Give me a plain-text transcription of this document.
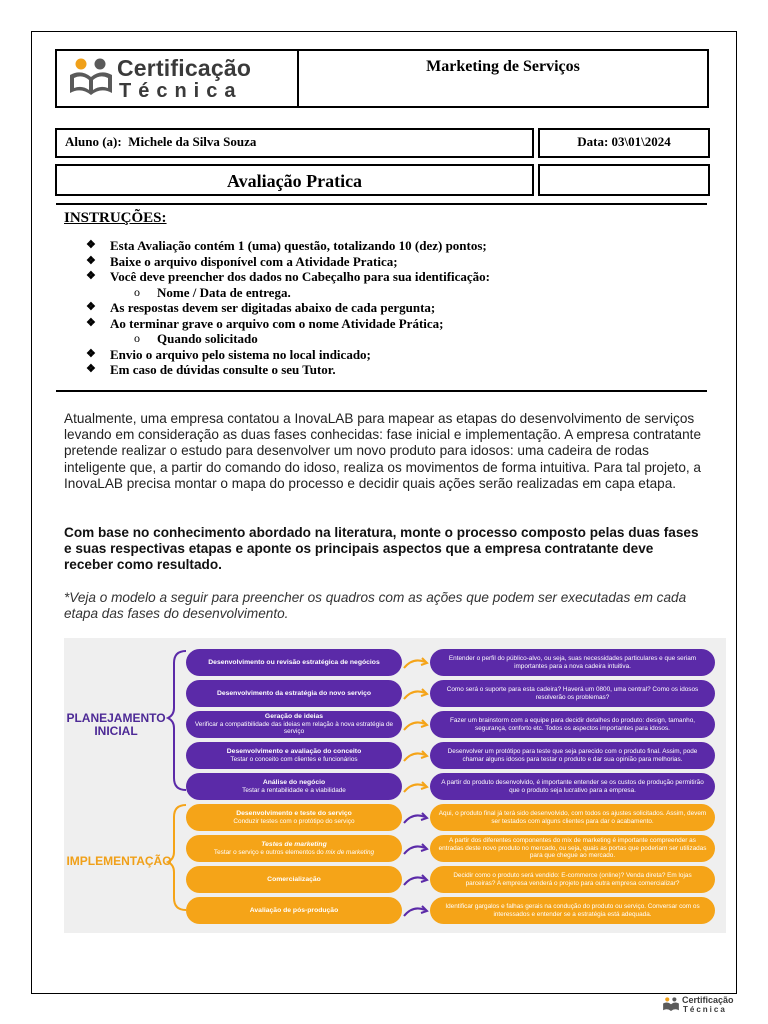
Certificação
Técnica
Marketing de Serviços
Aluno (a): Michele da Silva Souza	Data: 03\01\2024
Avaliação Pratica
INSTRUÇÕES:
❖ Esta Avaliação contém 1 (uma) questão, totalizando 10 (dez) pontos;
❖ Baixe o arquivo disponível com a Atividade Pratica;
❖ Você deve preencher dos dados no Cabeçalho para sua identificação:
o Nome / Data de entrega.
❖ As respostas devem ser digitadas abaixo de cada pergunta;
❖ Ao terminar grave o arquivo com o nome Atividade Prática;
o Quando solicitado
❖ Envio o arquivo pelo sistema no local indicado;
❖ Em caso de dúvidas consulte o seu Tutor.
Atualmente, uma empresa contatou a InovaLAB para mapear as etapas do desenvolvimento de serviços levando em consideração as duas fases conhecidas: fase inicial e implementação. A empresa contratante pretende realizar o estudo para desenvolver um novo produto para idosos: uma cadeira de rodas inteligente que, a partir do comando do idoso, realiza os movimentos de forma intuitiva. Para tal projeto, a InovaLAB precisa montar o mapa do processo e decidir quais ações serão realizadas em capa etapa.
Com base no conhecimento abordado na literatura, monte o processo composto pelas duas fases e suas respectivas etapas e aponte os principais aspectos que a empresa contratante deve receber como resultado.
*Veja o modelo a seguir para preencher os quadros com as ações que podem ser executadas em cada etapa das fases do desenvolvimento.
PLANEJAMENTO INICIAL
IMPLEMENTAÇÃO
Desenvolvimento ou revisão estratégica de negócios
Entender o perfil do público-alvo, ou seja, suas necessidades particulares e que seriam importantes para a nova cadeira intuitiva.
Desenvolvimento da estratégia do novo serviço
Como será o suporte para esta cadeira? Haverá um 0800, uma central? Como os idosos resolverão os problemas?
Geração de ideias
Verificar a compatibilidade das ideias em relação à nova estratégia de serviço
Fazer um brainstorm com a equipe para decidir detalhes do produto: design, tamanho, segurança, conforto etc. Todos os aspectos importantes para idosos.
Desenvolvimento e avaliação do conceito
Testar o conceito com clientes e funcionários
Desenvolver um protótipo para teste que seja parecido com o produto final. Assim, pode chamar alguns idosos para testar o produto e dar sua opinião para melhorias.
Análise do negócio
Testar a rentabilidade e a viabilidade
A partir do produto desenvolvido, é importante entender se os custos de produção permitirão que o produto seja lucrativo para a empresa.
Desenvolvimento e teste do serviço
Conduzir testes com o protótipo do serviço
Aqui, o produto final já terá sido desenvolvido, com todos os ajustes solicitados. Assim, devem ser testados com alguns clientes para dar o acabamento.
Testes de marketing
Testar o serviço e outros elementos do mix de marketing
A partir dos diferentes componentes do mix de marketing é importante compreender as entradas deste novo produto no mercado, ou seja, quais as portas que poderiam ser utilizadas para que chegue ao mercado.
Comercialização
Decidir como o produto será vendido: E-commerce (online)? Venda direta? Em lojas parceiras? A empresa venderá o projeto para outra empresa comercializar?
Avaliação de pós-produção
Identificar gargalos e falhas gerais na condução do produto ou serviço. Conversar com os interessados e entender se a estratégia está adequada.
Certificação
Técnica
